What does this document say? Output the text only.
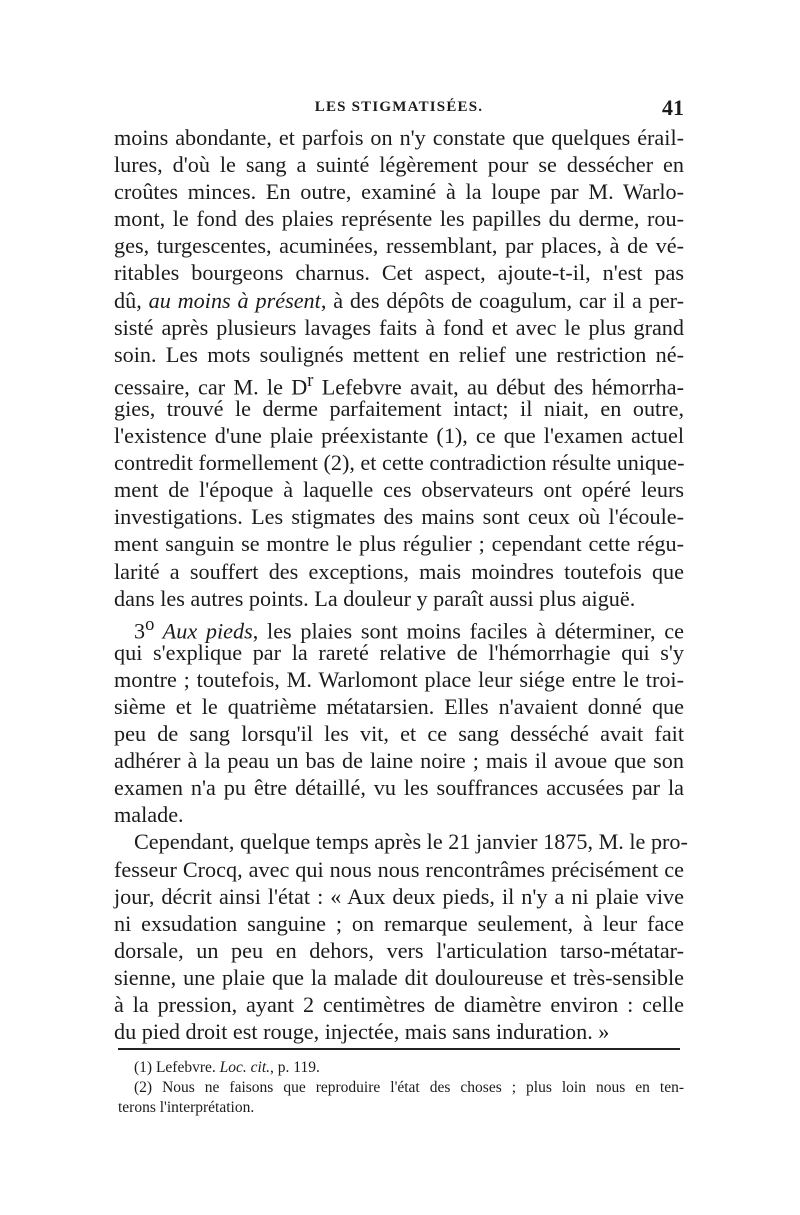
LES STIGMATISÉES.	41
moins abondante, et parfois on n'y constate que quelques érail-
lures, d'où le sang a suinté légèrement pour se dessécher en
croûtes minces. En outre, examiné à la loupe par M. Warlo-
mont, le fond des plaies représente les papilles du derme, rou-
ges, turgescentes, acuminées, ressemblant, par places, à de vé-
ritables bourgeons charnus. Cet aspect, ajoute-t-il, n'est pas
dû, au moins à présent, à des dépôts de coagulum, car il a per-
sisté après plusieurs lavages faits à fond et avec le plus grand
soin. Les mots soulignés mettent en relief une restriction né-
cessaire, car M. le $D^r$ Lefebvre avait, au début des hémorrha-
gies, trouvé le derme parfaitement intact; il niait, en outre,
l'existence d'une plaie préexistante (1), ce que l'examen actuel
contredit formellement (2), et cette contradiction résulte unique-
ment de l'époque à laquelle ces observateurs ont opéré leurs
investigations. Les stigmates des mains sont ceux où l'écoule-
ment sanguin se montre le plus régulier ; cependant cette régu-
larité a souffert des exceptions, mais moindres toutefois que
dans les autres points. La douleur y paraît aussi plus aiguë.
3$^o$ Aux pieds, les plaies sont moins faciles à déterminer, ce
qui s'explique par la rareté relative de l'hémorrhagie qui s'y
montre ; toutefois, M. Warlomont place leur siége entre le troi-
sième et le quatrième métatarsien. Elles n'avaient donné que
peu de sang lorsqu'il les vit, et ce sang desséché avait fait
adhérer à la peau un bas de laine noire ; mais il avoue que son
examen n'a pu être détaillé, vu les souffrances accusées par la
malade.
Cependant, quelque temps après le 21 janvier 1875, M. le pro-
fesseur Crocq, avec qui nous nous rencontrâmes précisément ce
jour, décrit ainsi l'état : « Aux deux pieds, il n'y a ni plaie vive
ni exsudation sanguine ; on remarque seulement, à leur face
dorsale, un peu en dehors, vers l'articulation tarso-métatar-
sienne, une plaie que la malade dit douloureuse et très-sensible
à la pression, ayant 2 centimètres de diamètre environ : celle
du pied droit est rouge, injectée, mais sans induration. »
(1) Lefebvre. Loc. cit., p. 119.
(2) Nous ne faisons que reproduire l'état des choses ; plus loin nous en ten-
terons l'interprétation.
